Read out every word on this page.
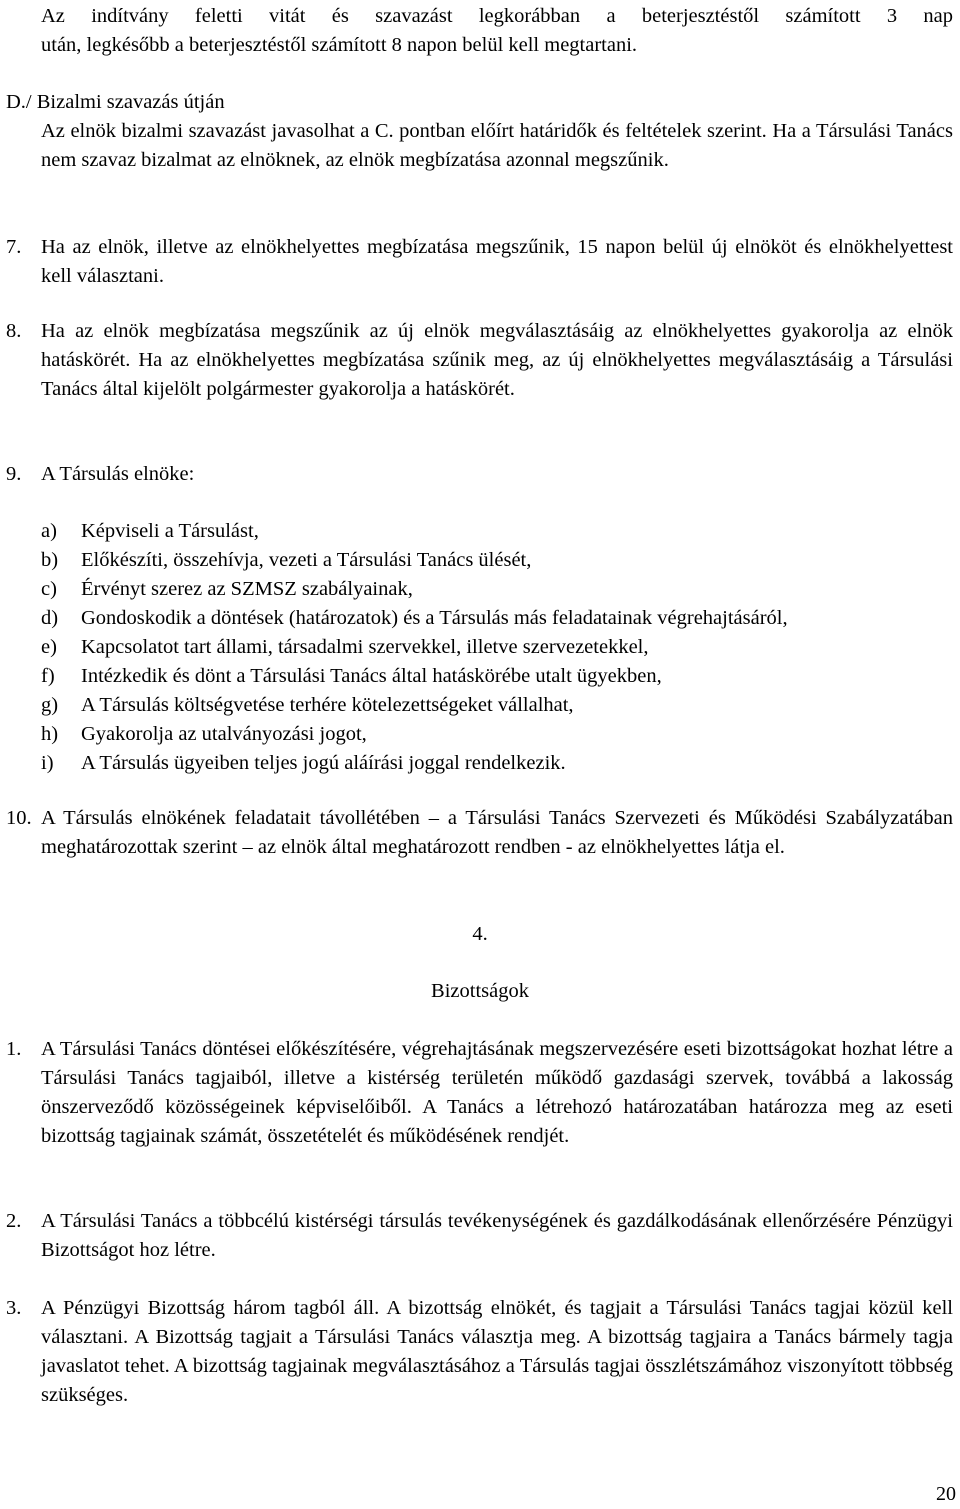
Az indítvány feletti vitát és szavazást legkorábban a beterjesztéstől számított 3 nap

után, legkésőbb a beterjesztéstől számított 8 napon belül kell megtartani.

D./ Bizalmi szavazás útján

Az elnök bizalmi szavazást javasolhat a C. pontban előírt határidők és feltételek szerint. Ha a Társulási Tanács nem szavaz bizalmat az elnöknek, az elnök megbízatása azonnal megszűnik.

7. Ha az elnök, illetve az elnökhelyettes megbízatása megszűnik, 15 napon belül új elnököt és elnökhelyettest kell választani.
8. Ha az elnök megbízatása megszűnik az új elnök megválasztásáig az elnökhelyettes gyakorolja az elnök hatáskörét. Ha az elnökhelyettes megbízatása szűnik meg, az új elnökhelyettes megválasztásáig a Társulási Tanács által kijelölt polgármester gyakorolja a hatáskörét.
9. A Társulás elnöke:
a)	Képviseli a Társulást,
b)	Előkészíti, összehívja, vezeti a Társulási Tanács ülését,
c)	Érvényt szerez az SZMSZ szabályainak,
d)	Gondoskodik a döntések (határozatok) és a Társulás más feladatainak végrehajtásáról,
e)	Kapcsolatot tart állami, társadalmi szervekkel, illetve szervezetekkel,
f)	Intézkedik és dönt a Társulási Tanács által hatáskörébe utalt ügyekben,
g)	A Társulás költségvetése terhére kötelezettségeket vállalhat,
h)	Gyakorolja az utalványozási jogot,
i)	A Társulás ügyeiben teljes jogú aláírási joggal rendelkezik.
10. A Társulás elnökének feladatait távollétében – a Társulási Tanács Szervezeti és Működési Szabályzatában meghatározottak szerint – az elnök által meghatározott rendben - az elnökhelyettes látja el.

4.

Bizottságok

1. A Társulási Tanács döntései előkészítésére, végrehajtásának megszervezésére eseti bizottságokat hozhat létre a Társulási Tanács tagjaiból, illetve a kistérség területén működő gazdasági szervek, továbbá a lakosság önszerveződő közösségeinek képviselőiből. A Tanács a létrehozó határozatában határozza meg az eseti bizottság tagjainak számát, összetételét és működésének rendjét.
2. A Társulási Tanács a többcélú kistérségi társulás tevékenységének és gazdálkodásának ellenőrzésére Pénzügyi Bizottságot hoz létre.
3. A Pénzügyi Bizottság három tagból áll. A bizottság elnökét, és tagjait a Társulási Tanács tagjai közül kell választani. A Bizottság tagjait a Társulási Tanács választja meg. A bizottság tagjaira a Tanács bármely tagja javaslatot tehet. A bizottság tagjainak megválasztásához a Társulás tagjai összlétszámához viszonyított többség szükséges.
20
